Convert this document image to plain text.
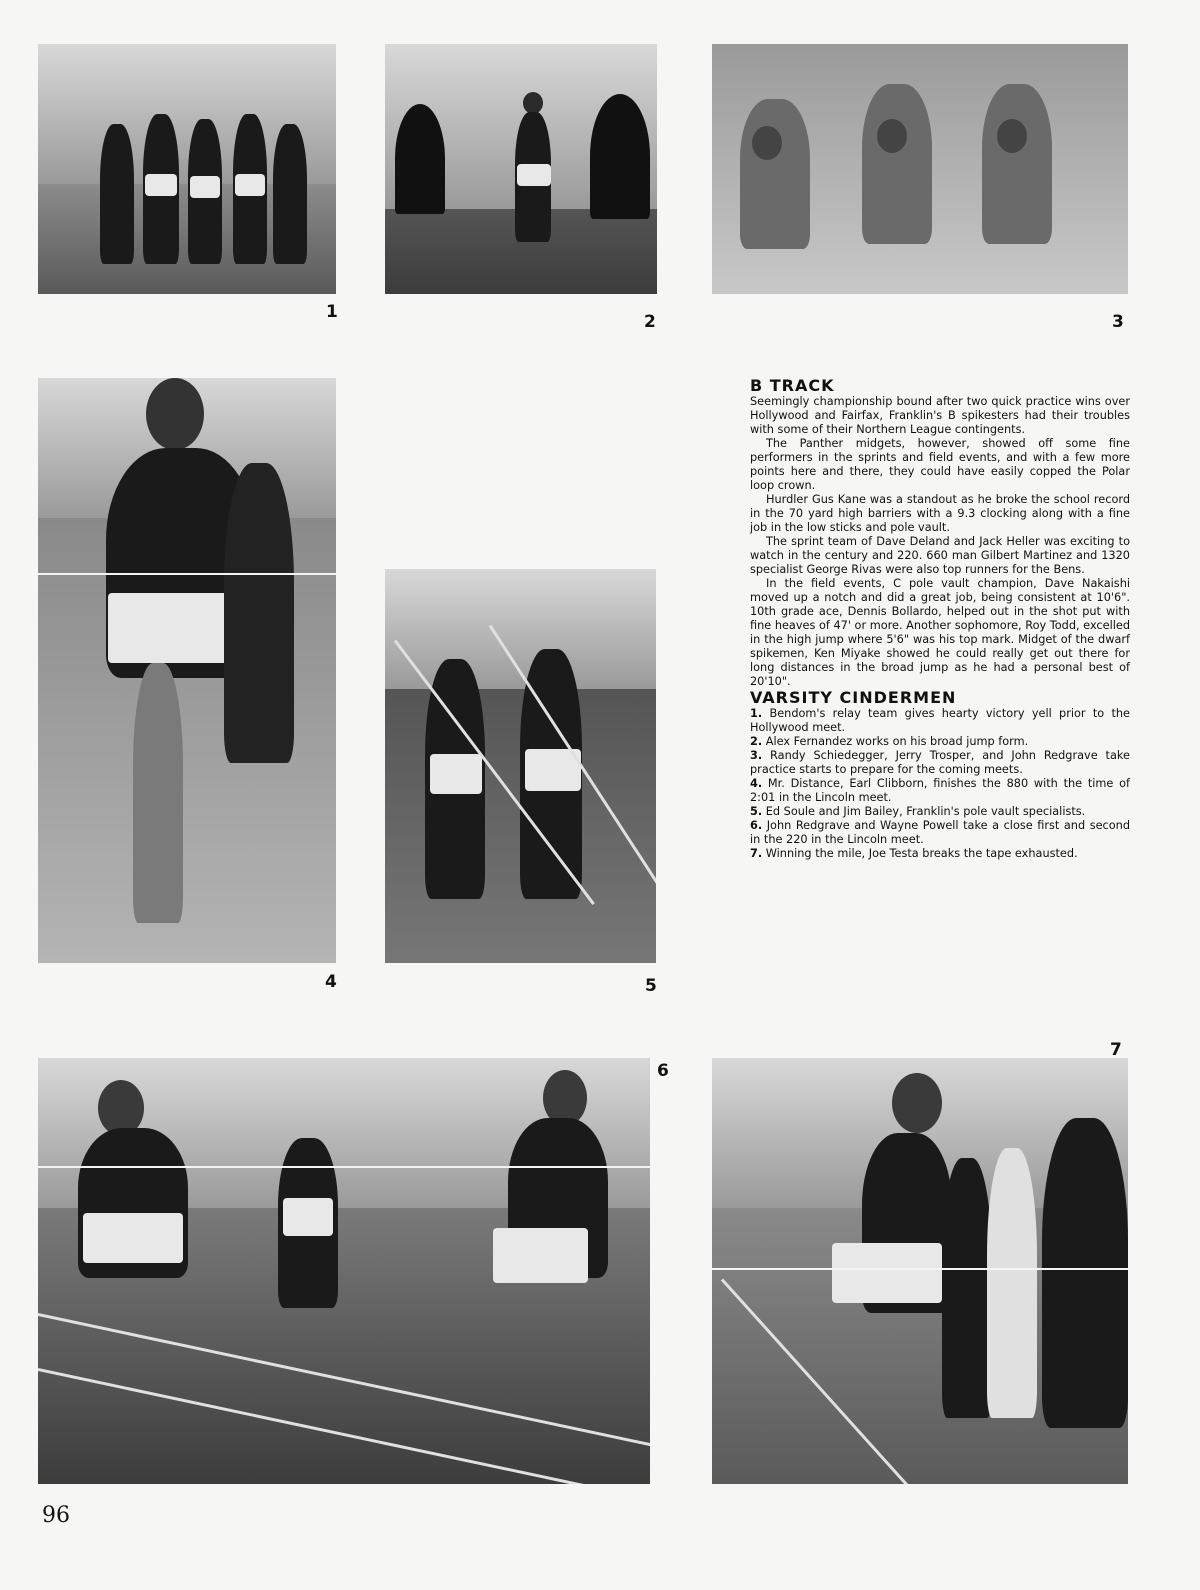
1	2	3
4	5
B TRACK

Seemingly championship bound after two quick practice wins over Hollywood and Fairfax, Franklin's B spikesters had their troubles with some of their Northern League contingents.

The Panther midgets, however, showed off some fine performers in the sprints and field events, and with a few more points here and there, they could have easily copped the Polar loop crown.

Hurdler Gus Kane was a standout as he broke the school record in the 70 yard high barriers with a 9.3 clocking along with a fine job in the low sticks and pole vault.

The sprint team of Dave Deland and Jack Heller was exciting to watch in the century and 220. 660 man Gilbert Martinez and 1320 specialist George Rivas were also top runners for the Bens.

In the field events, C pole vault champion, Dave Nakaishi moved up a notch and did a great job, being consistent at 10'6". 10th grade ace, Dennis Bollardo, helped out in the shot put with fine heaves of 47' or more. Another sophomore, Roy Todd, excelled in the high jump where 5'6" was his top mark. Midget of the dwarf spikemen, Ken Miyake showed he could really get out there for long distances in the broad jump as he had a personal best of 20'10".

VARSITY CINDERMEN

1. Bendom's relay team gives hearty victory yell prior to the Hollywood meet.

2. Alex Fernandez works on his broad jump form.

3. Randy Schiedegger, Jerry Trosper, and John Redgrave take practice starts to prepare for the coming meets.

4. Mr. Distance, Earl Clibborn, finishes the 880 with the time of 2:01 in the Lincoln meet.

5. Ed Soule and Jim Bailey, Franklin's pole vault specialists.

6. John Redgrave and Wayne Powell take a close first and second in the 220 in the Lincoln meet.

7. Winning the mile, Joe Testa breaks the tape exhausted.

6
7
96
